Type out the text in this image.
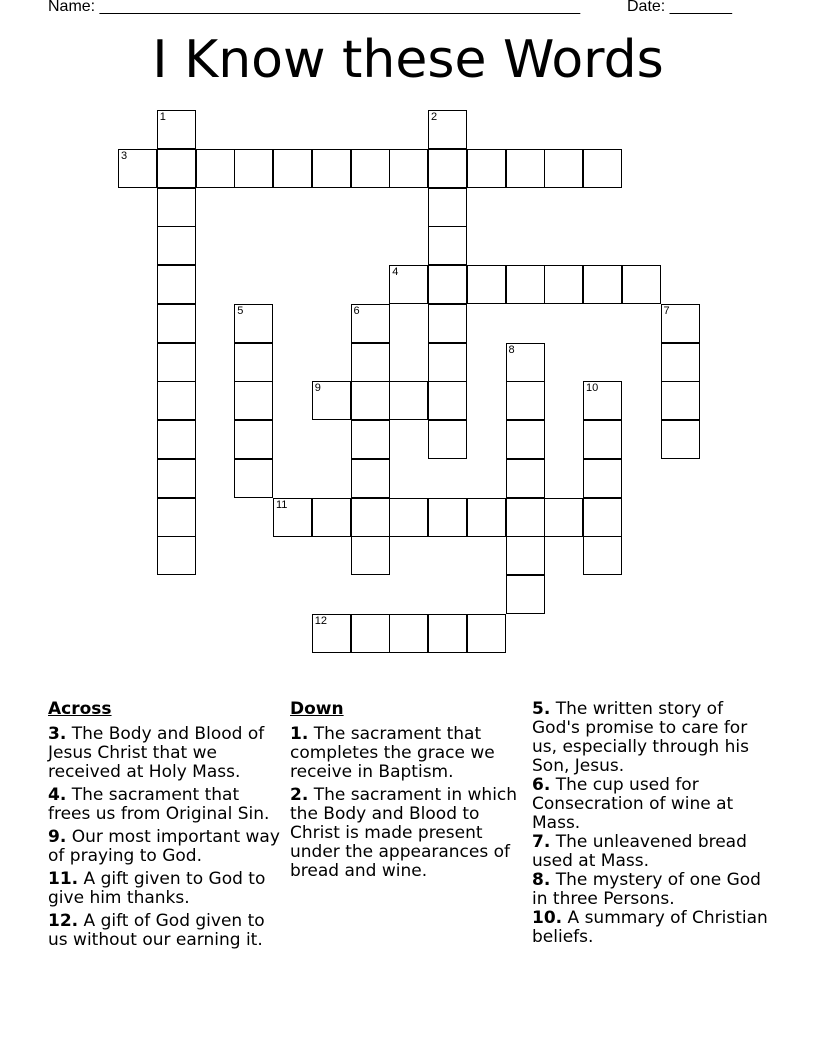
Name: ______________________________________________________	Date: _______
I Know these Words
1	2
3
4
5	6	7
8
9	10
11
12
Across
3. The Body and Blood of Jesus Christ that we received at Holy Mass.
4. The sacrament that frees us from Original Sin.
9. Our most important way of praying to God.
11. A gift given to God to give him thanks.
12. A gift of God given to us without our earning it.
Down
1. The sacrament that completes the grace we receive in Baptism.
2. The sacrament in which the Body and Blood to Christ is made present under the appearances of bread and wine.
5. The written story of God's promise to care for us, especially through his Son, Jesus.
6. The cup used for Consecration of wine at Mass.
7. The unleavened bread used at Mass.
8. The mystery of one God in three Persons.
10. A summary of Christian beliefs.
